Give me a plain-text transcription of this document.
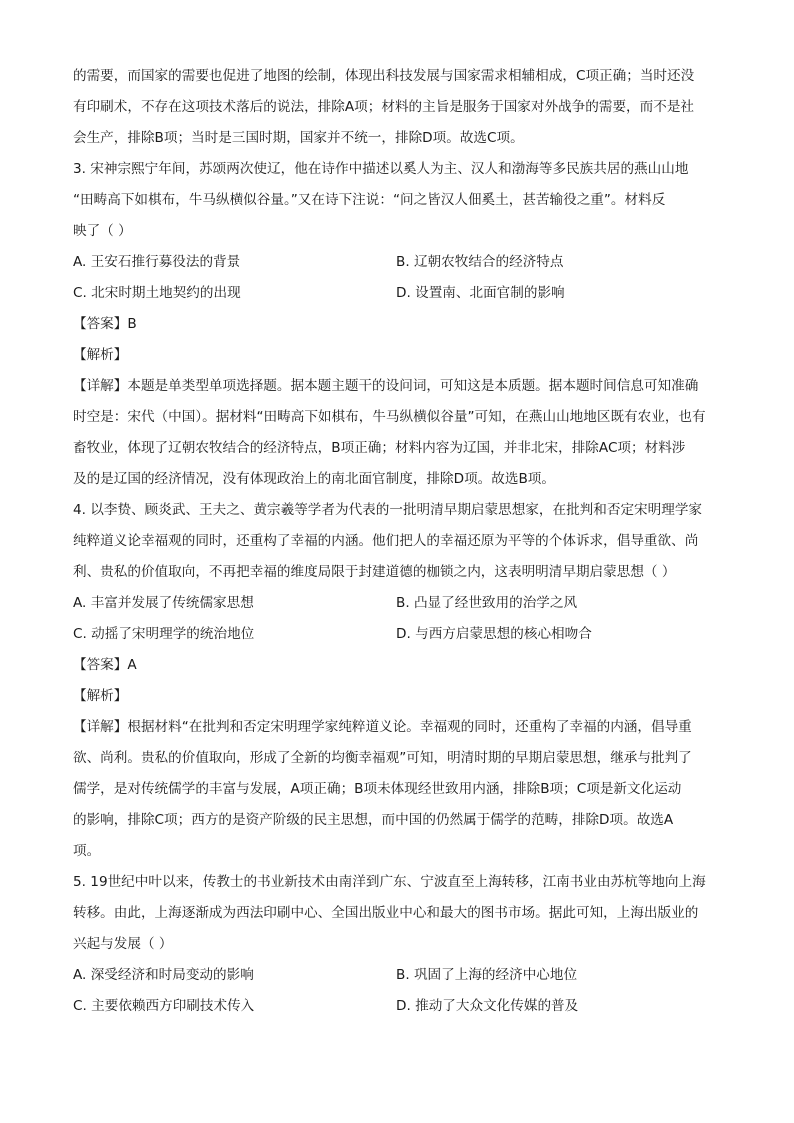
的需要，而国家的需要也促进了地图的绘制，体现出科技发展与国家需求相辅相成，C项正确；当时还没
有印刷术，不存在这项技术落后的说法，排除A项；材料的主旨是服务于国家对外战争的需要，而不是社
会生产，排除B项；当时是三国时期，国家并不统一，排除D项。故选C项。
3. 宋神宗熙宁年间，苏颂两次使辽，他在诗作中描述以奚人为主、汉人和渤海等多民族共居的燕山山地
“田畴高下如棋布，牛马纵横似谷量。”又在诗下注说：“问之皆汉人佃奚土，甚苦输役之重”。材料反
映了（ ）
A. 王安石推行募役法的背景	B. 辽朝农牧结合的经济特点
C. 北宋时期土地契约的出现	D. 设置南、北面官制的影响
【答案】B
【解析】
【详解】本题是单类型单项选择题。据本题主题干的设问词，可知这是本质题。据本题时间信息可知准确
时空是：宋代（中国）。据材料“田畴高下如棋布，牛马纵横似谷量”可知，在燕山山地地区既有农业，也有
畜牧业，体现了辽朝农牧结合的经济特点，B项正确；材料内容为辽国，并非北宋，排除AC项；材料涉
及的是辽国的经济情况，没有体现政治上的南北面官制度，排除D项。故选B项。
4. 以李贽、顾炎武、王夫之、黄宗羲等学者为代表的一批明清早期启蒙思想家，在批判和否定宋明理学家
纯粹道义论幸福观的同时，还重构了幸福的内涵。他们把人的幸福还原为平等的个体诉求，倡导重欲、尚
利、贵私的价值取向，不再把幸福的维度局限于封建道德的枷锁之内，这表明明清早期启蒙思想（ ）
A. 丰富并发展了传统儒家思想	B. 凸显了经世致用的治学之风
C. 动摇了宋明理学的统治地位	D. 与西方启蒙思想的核心相吻合
【答案】A
【解析】
【详解】根据材料“在批判和否定宋明理学家纯粹道义论。幸福观的同时，还重构了幸福的内涵，倡导重
欲、尚利。贵私的价值取向，形成了全新的均衡幸福观”可知，明清时期的早期启蒙思想，继承与批判了
儒学，是对传统儒学的丰富与发展，A项正确；B项未体现经世致用内涵，排除B项；C项是新文化运动
的影响，排除C项；西方的是资产阶级的民主思想，而中国的仍然属于儒学的范畴，排除D项。故选A
项。
5. 19世纪中叶以来，传教士的书业新技术由南洋到广东、宁波直至上海转移，江南书业由苏杭等地向上海
转移。由此，上海逐渐成为西法印刷中心、全国出版业中心和最大的图书市场。据此可知，上海出版业的
兴起与发展（ ）
A. 深受经济和时局变动的影响	B. 巩固了上海的经济中心地位
C. 主要依赖西方印刷技术传入	D. 推动了大众文化传媒的普及
